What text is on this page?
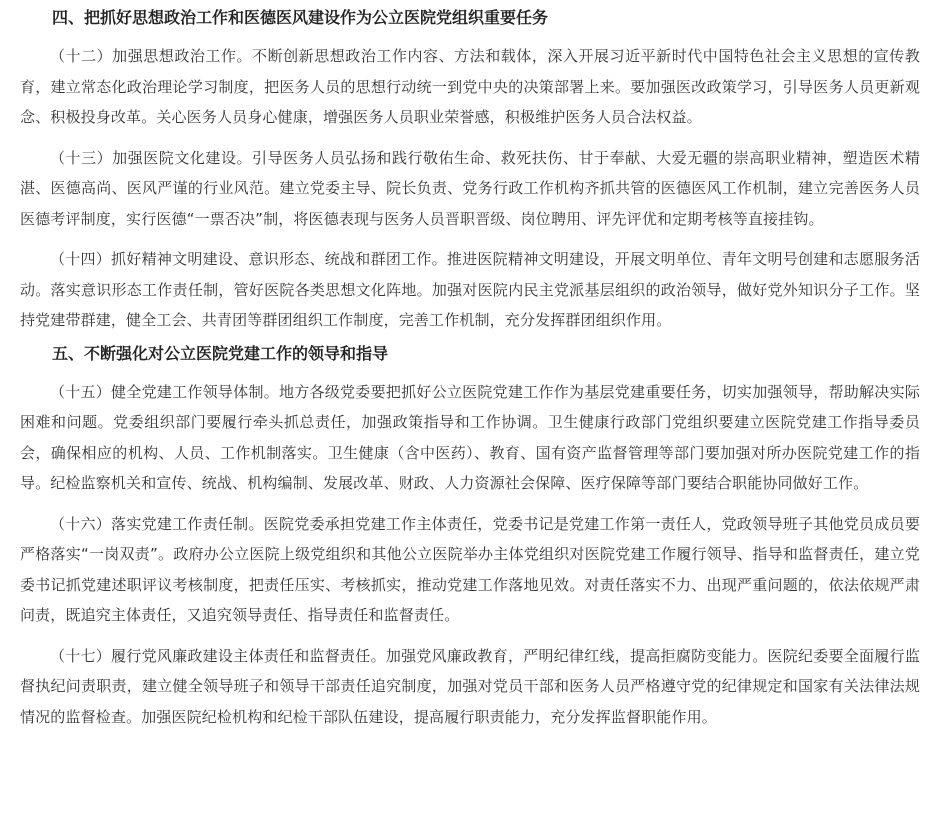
四、把抓好思想政治工作和医德医风建设作为公立医院党组织重要任务

（十二）加强思想政治工作。不断创新思想政治工作内容、方法和载体，深入开展习近平新时代中国特色社会主义思想的宣传教育，建立常态化政治理论学习制度，把医务人员的思想行动统一到党中央的决策部署上来。要加强医改政策学习，引导医务人员更新观念、积极投身改革。关心医务人员身心健康，增强医务人员职业荣誉感，积极维护医务人员合法权益。

（十三）加强医院文化建设。引导医务人员弘扬和践行敬佑生命、救死扶伤、甘于奉献、大爱无疆的崇高职业精神，塑造医术精湛、医德高尚、医风严谨的行业风范。建立党委主导、院长负责、党务行政工作机构齐抓共管的医德医风工作机制，建立完善医务人员医德考评制度，实行医德“一票否决”制，将医德表现与医务人员晋职晋级、岗位聘用、评先评优和定期考核等直接挂钩。

（十四）抓好精神文明建设、意识形态、统战和群团工作。推进医院精神文明建设，开展文明单位、青年文明号创建和志愿服务活动。落实意识形态工作责任制，管好医院各类思想文化阵地。加强对医院内民主党派基层组织的政治领导，做好党外知识分子工作。坚持党建带群建，健全工会、共青团等群团组织工作制度，完善工作机制，充分发挥群团组织作用。

五、不断强化对公立医院党建工作的领导和指导

（十五）健全党建工作领导体制。地方各级党委要把抓好公立医院党建工作作为基层党建重要任务，切实加强领导，帮助解决实际困难和问题。党委组织部门要履行牵头抓总责任，加强政策指导和工作协调。卫生健康行政部门党组织要建立医院党建工作指导委员会，确保相应的机构、人员、工作机制落实。卫生健康（含中医药）、教育、国有资产监督管理等部门要加强对所办医院党建工作的指导。纪检监察机关和宣传、统战、机构编制、发展改革、财政、人力资源社会保障、医疗保障等部门要结合职能协同做好工作。

（十六）落实党建工作责任制。医院党委承担党建工作主体责任，党委书记是党建工作第一责任人，党政领导班子其他党员成员要严格落实“一岗双责”。政府办公立医院上级党组织和其他公立医院举办主体党组织对医院党建工作履行领导、指导和监督责任，建立党委书记抓党建述职评议考核制度，把责任压实、考核抓实，推动党建工作落地见效。对责任落实不力、出现严重问题的，依法依规严肃问责，既追究主体责任，又追究领导责任、指导责任和监督责任。

（十七）履行党风廉政建设主体责任和监督责任。加强党风廉政教育，严明纪律红线，提高拒腐防变能力。医院纪委要全面履行监督执纪问责职责，建立健全领导班子和领导干部责任追究制度，加强对党员干部和医务人员严格遵守党的纪律规定和国家有关法律法规情况的监督检查。加强医院纪检机构和纪检干部队伍建设，提高履行职责能力，充分发挥监督职能作用。
